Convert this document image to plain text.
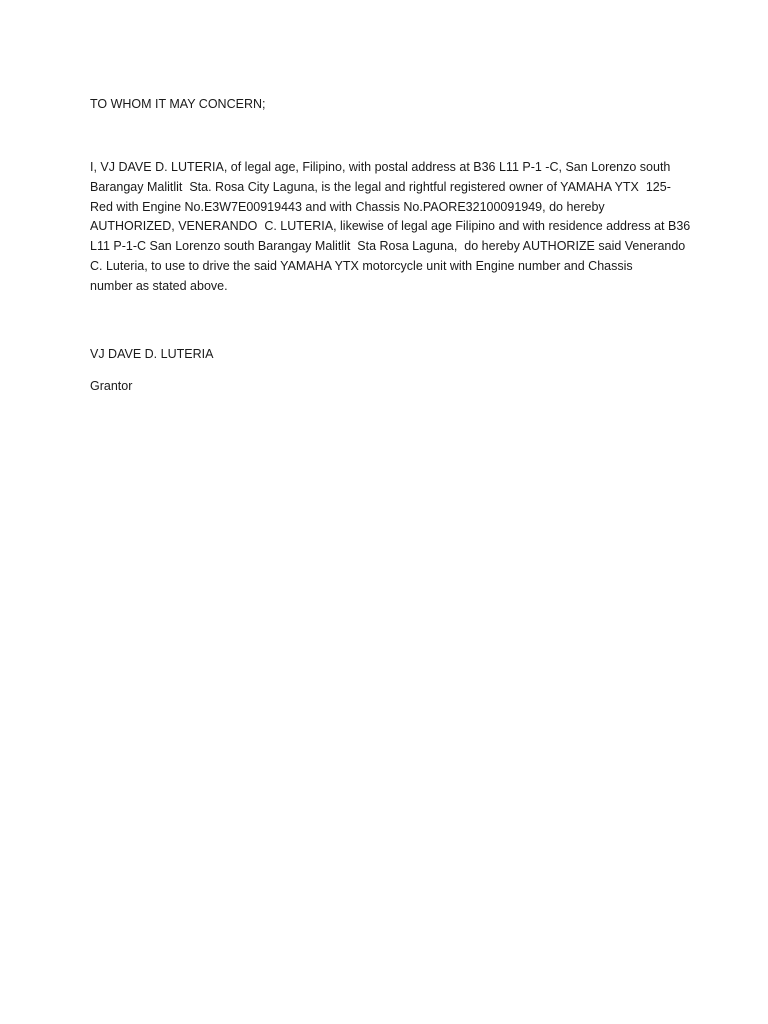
TO WHOM IT MAY CONCERN;

I, VJ DAVE D. LUTERIA, of legal age, Filipino, with postal address at B36 L11 P-1 -C, San Lorenzo south
Barangay Malitlit  Sta. Rosa City Laguna, is the legal and rightful registered owner of YAMAHA YTX  125-
Red with Engine No.E3W7E00919443 and with Chassis No.PAORE32100091949, do hereby
AUTHORIZED, VENERANDO  C. LUTERIA, likewise of legal age Filipino and with residence address at B36
L11 P-1-C San Lorenzo south Barangay Malitlit  Sta Rosa Laguna,  do hereby AUTHORIZE said Venerando
C. Luteria, to use to drive the said YAMAHA YTX motorcycle unit with Engine number and Chassis
number as stated above.

VJ DAVE D. LUTERIA

Grantor
